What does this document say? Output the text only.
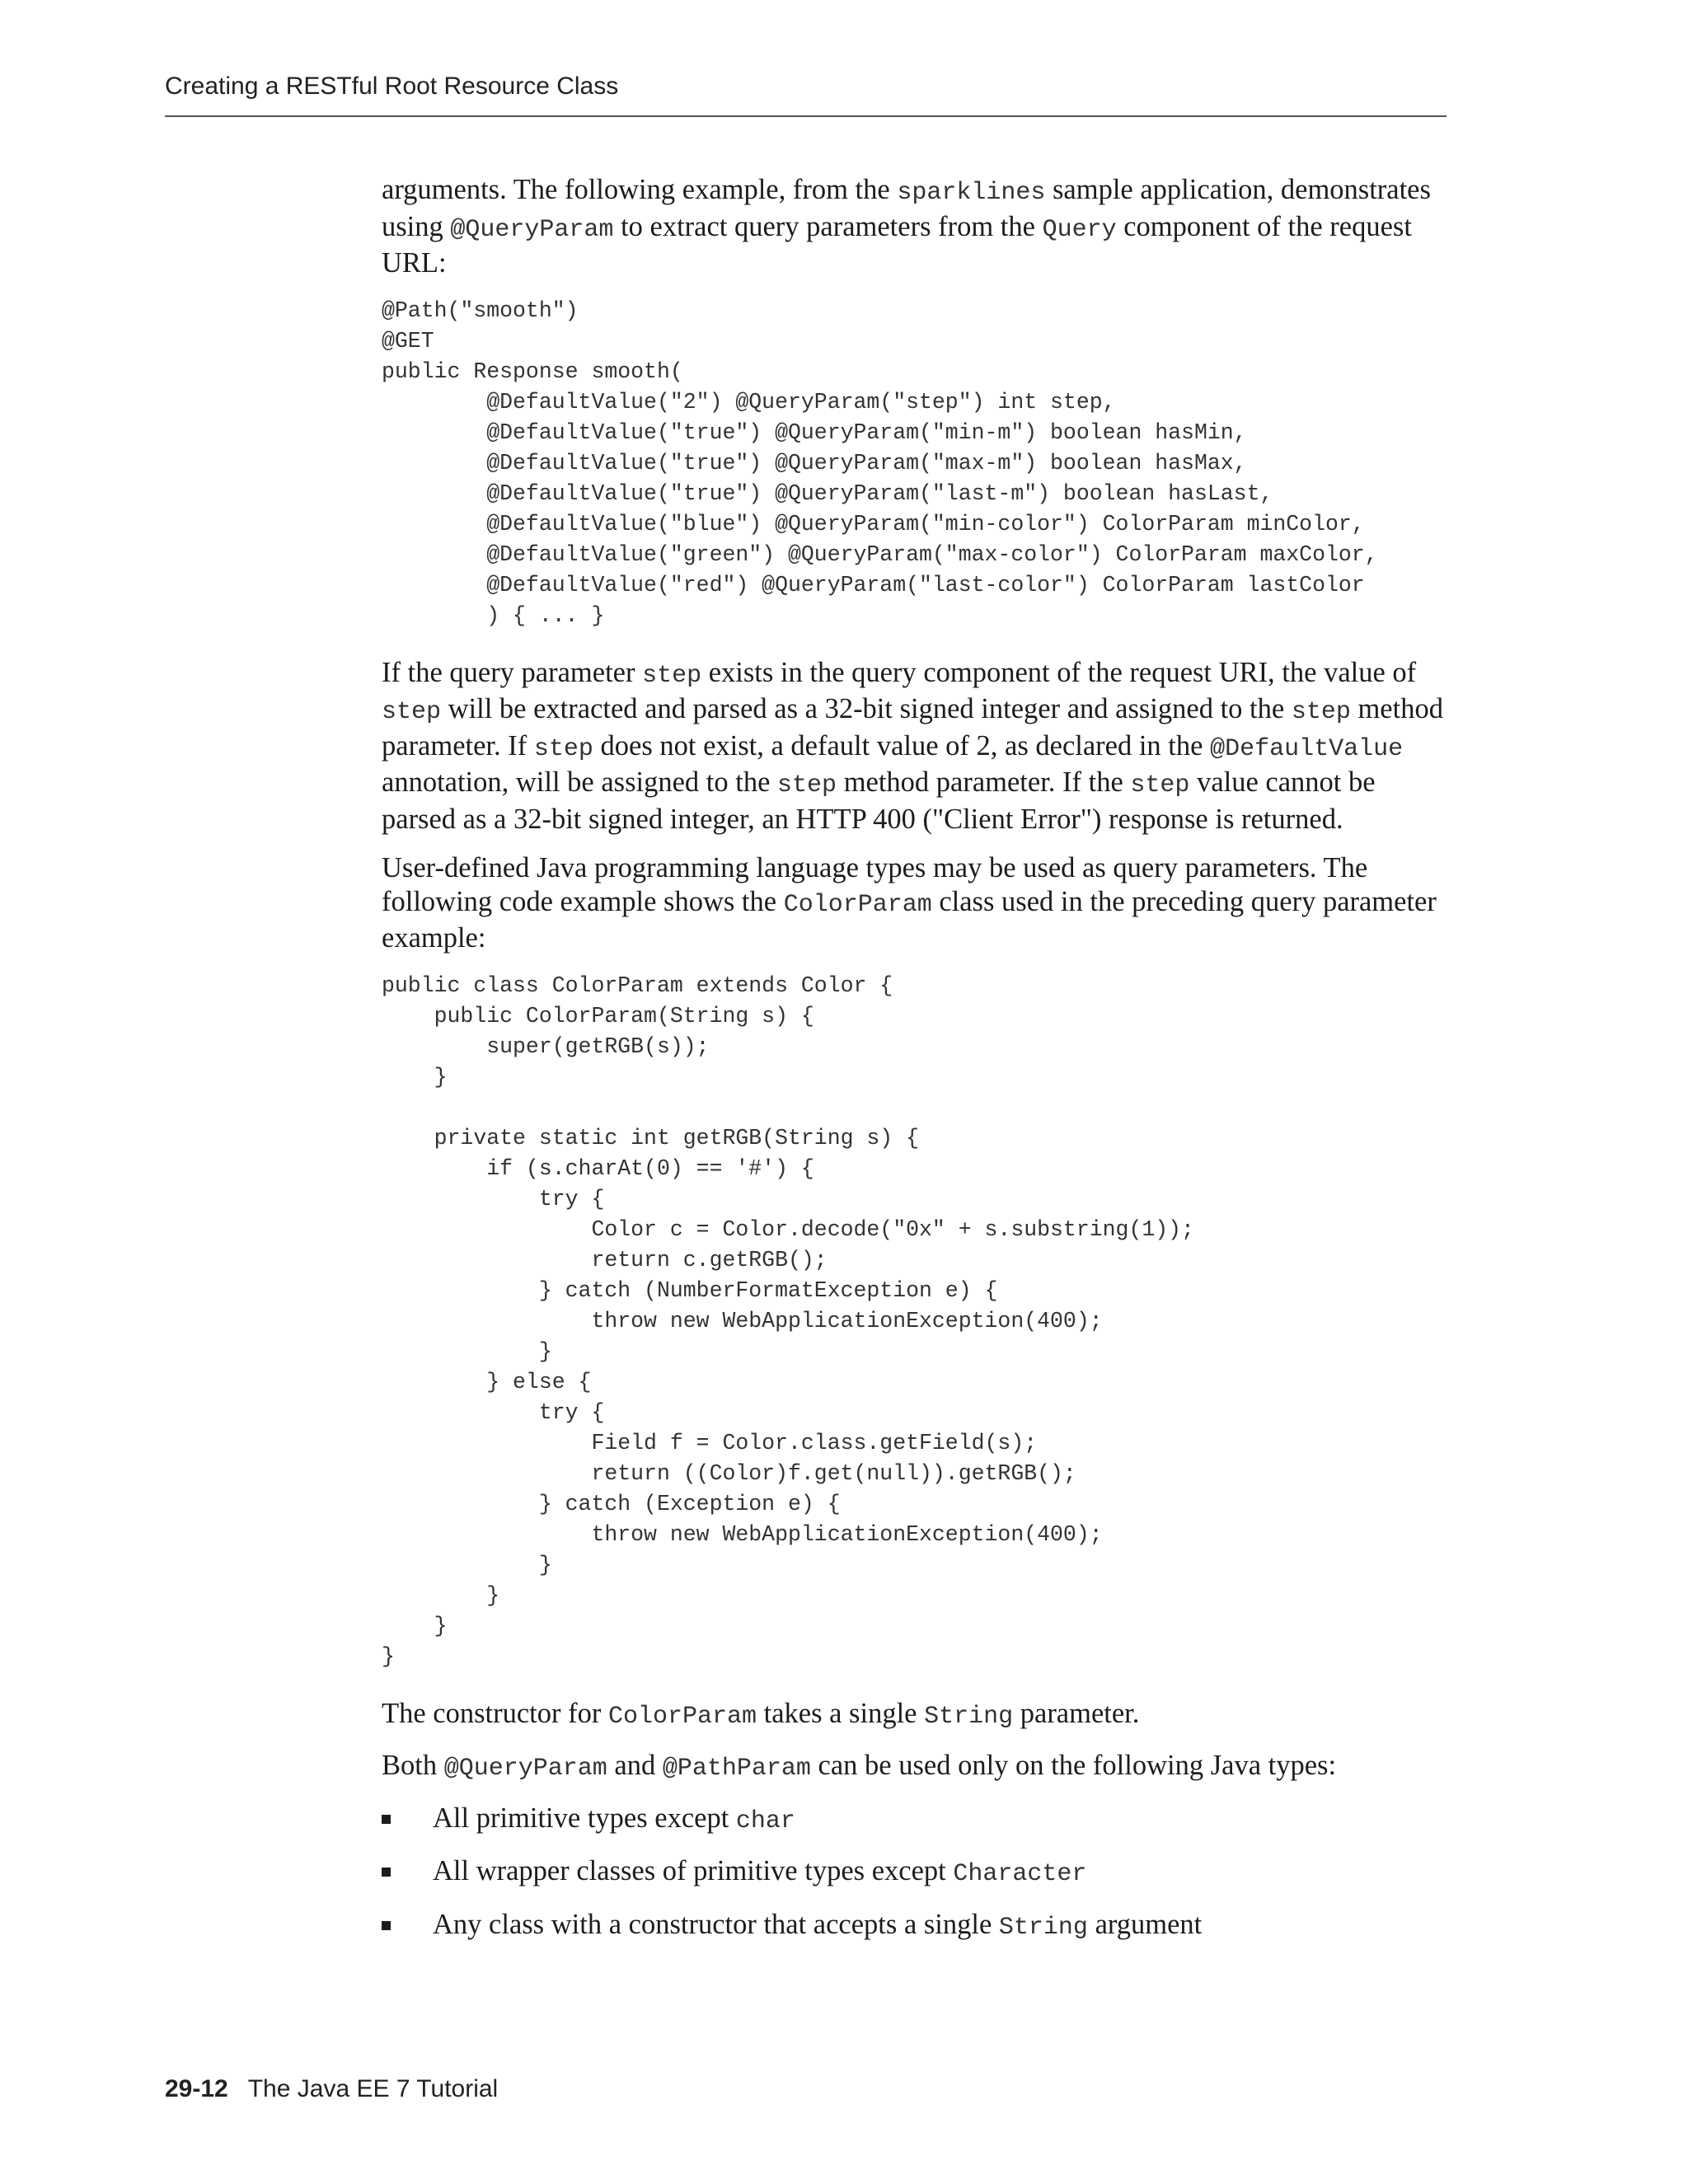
Creating a RESTful Root Resource Class

arguments. The following example, from the sparklines sample application, demonstrates using @QueryParam to extract query parameters from the Query component of the request URL:

@Path("smooth")
@GET
public Response smooth(
@DefaultValue("2") @QueryParam("step") int step,
@DefaultValue("true") @QueryParam("min-m") boolean hasMin,
@DefaultValue("true") @QueryParam("max-m") boolean hasMax,
@DefaultValue("true") @QueryParam("last-m") boolean hasLast,
@DefaultValue("blue") @QueryParam("min-color") ColorParam minColor,
@DefaultValue("green") @QueryParam("max-color") ColorParam maxColor,
@DefaultValue("red") @QueryParam("last-color") ColorParam lastColor
) { ... }

If the query parameter step exists in the query component of the request URI, the value of step will be extracted and parsed as a 32-bit signed integer and assigned to the step method parameter. If step does not exist, a default value of 2, as declared in the @DefaultValue annotation, will be assigned to the step method parameter. If the step value cannot be parsed as a 32-bit signed integer, an HTTP 400 ("Client Error") response is returned.

User-defined Java programming language types may be used as query parameters. The following code example shows the ColorParam class used in the preceding query parameter example:

public class ColorParam extends Color {
public ColorParam(String s) {
super(getRGB(s));
}

private static int getRGB(String s) {
if (s.charAt(0) == '#') {
try {
Color c = Color.decode("0x" + s.substring(1));
return c.getRGB();
} catch (NumberFormatException e) {
throw new WebApplicationException(400);
}
} else {
try {
Field f = Color.class.getField(s);
return ((Color)f.get(null)).getRGB();
} catch (Exception e) {
throw new WebApplicationException(400);
}
}
}
}

The constructor for ColorParam takes a single String parameter.

Both @QueryParam and @PathParam can be used only on the following Java types:

All primitive types except char
All wrapper classes of primitive types except Character
Any class with a constructor that accepts a single String argument
29-12 The Java EE 7 Tutorial
